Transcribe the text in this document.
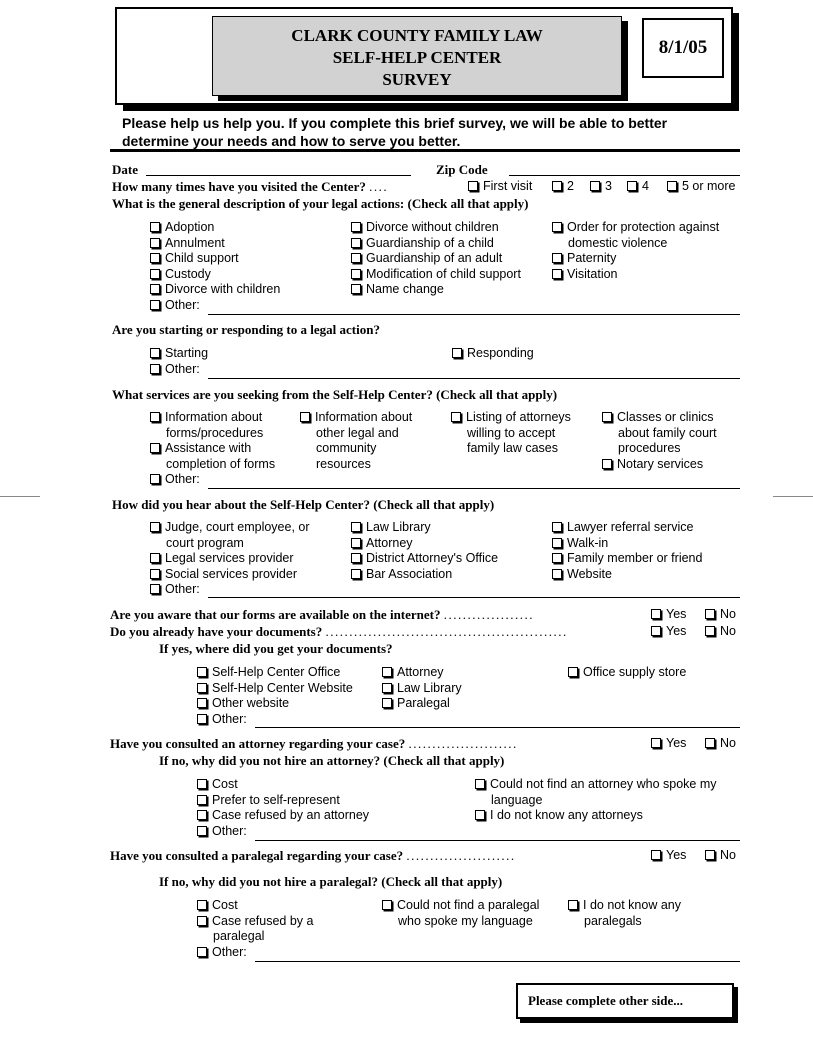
CLARK COUNTY FAMILY LAW
SELF-HELP CENTER
SURVEY
8/1/05
Please help us help you. If you complete this brief survey, we will be able to better determine your needs and how to serve you better.
Date	Zip Code
How many times have you visited the Center? ....	First visit	2	3	4	5 or more
What is the general description of your legal actions: (Check all that apply)
Adoption
Annulment
Child support
Custody
Divorce with children
Other:
Divorce without children
Guardianship of a child
Guardianship of an adult
Modification of child support
Name change
Order for protection against
domestic violence
Paternity
Visitation
Are you starting or responding to a legal action?
Starting
Other:
Responding
What services are you seeking from the Self-Help Center? (Check all that apply)
Information about
forms/procedures
Assistance with
completion of forms
Other:
Information about
other legal and
community
resources
Listing of attorneys
willing to accept
family law cases
Classes or clinics
about family court
procedures
Notary services
How did you hear about the Self-Help Center? (Check all that apply)
Judge, court employee, or
court program
Legal services provider
Social services provider
Other:
Law Library
Attorney
District Attorney's Office
Bar Association
Lawyer referral service
Walk-in
Family member or friend
Website
Are you aware that our forms are available on the internet? ...................	Yes	No
Do you already have your documents? ...................................................	Yes	No
If yes, where did you get your documents?
Self-Help Center Office
Self-Help Center Website
Other website
Other:
Attorney
Law Library
Paralegal
Office supply store
Have you consulted an attorney regarding your case? .......................	Yes	No
If no, why did you not hire an attorney? (Check all that apply)
Cost
Prefer to self-represent
Case refused by an attorney
Other:
Could not find an attorney who spoke my
language
I do not know any attorneys
Have you consulted a paralegal regarding your case? .......................	Yes	No
If no, why did you not hire a paralegal? (Check all that apply)
Cost
Case refused by a
paralegal
Other:
Could not find a paralegal
who spoke my language
I do not know any
paralegals
Please complete other side...
